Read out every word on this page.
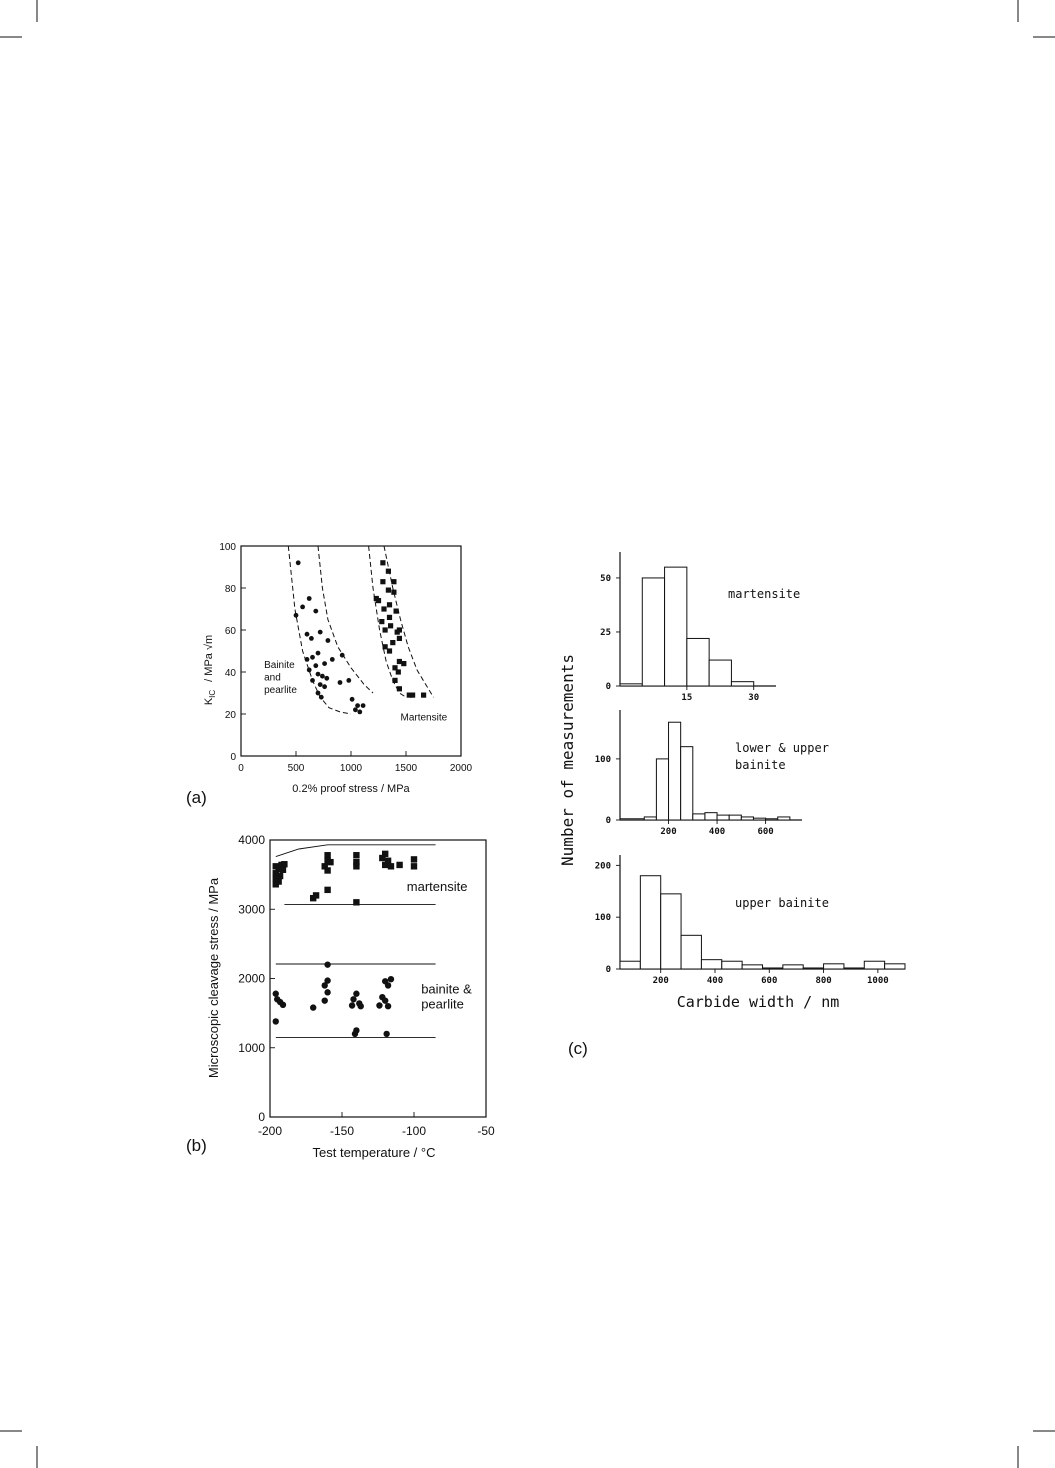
0	500	1000	1500	2000
0
20
40
60
80
100
Bainite
and
pearlite
Martensite
0.2% proof stress / MPa
$K_{IC}/$ MPa √m
(a)
-200	-150	-100	-50
0
1000
2000
3000
4000
martensite
bainite &
pearlite
Test temperature / °C
Microscopic cleavage stress / MPa
(b)
15	30
0
25
50
martensite
200	400	600
0
100
lower & upper
bainite
200	400	600	800	1000
0
100
200
upper bainite
Number of measurements
Carbide width / nm
(c)
